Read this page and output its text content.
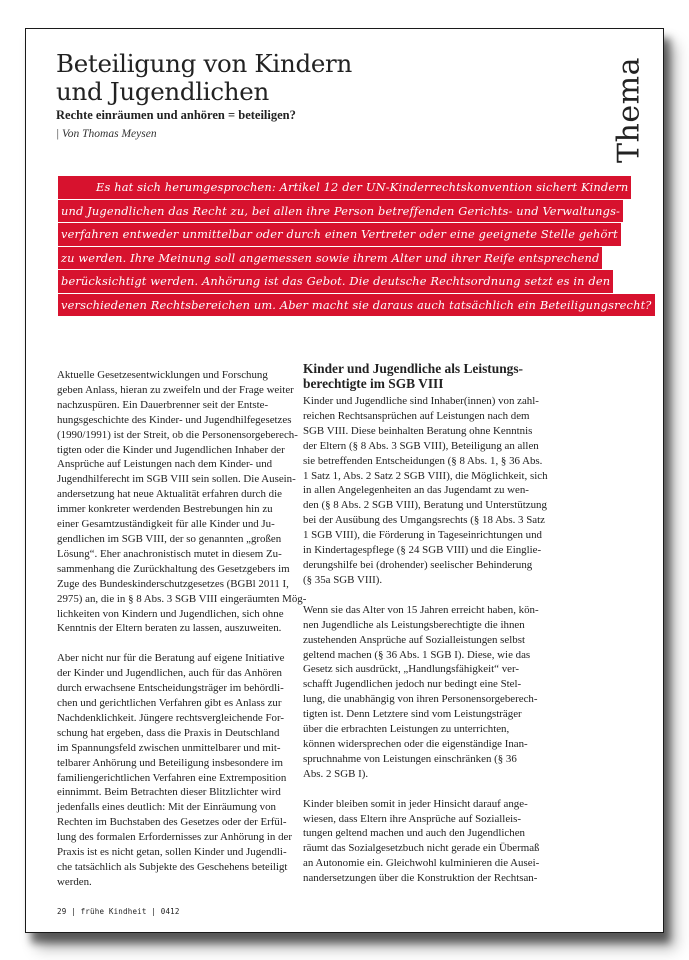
Beteiligung von Kindern
und Jugendlichen

Rechte einräumen und anhören = beteiligen?

| Von Thomas Meysen	Thema
Es hat sich herumgesprochen: Artikel 12 der UN-Kinderrechtskonvention sichert Kindern
und Jugendlichen das Recht zu, bei allen ihre Person betreffenden Gerichts- und Verwaltungs-
verfahren entweder unmittelbar oder durch einen Vertreter oder eine geeignete Stelle gehört
zu werden. Ihre Meinung soll angemessen sowie ihrem Alter und ihrer Reife entsprechend
berücksichtigt werden. Anhörung ist das Gebot. Die deutsche Rechtsordnung setzt es in den
verschiedenen Rechtsbereichen um. Aber macht sie daraus auch tatsächlich ein Beteiligungsrecht?

Aktuelle Gesetzesentwicklungen und Forschung
geben Anlass, hieran zu zweifeln und der Frage weiter
nachzuspüren. Ein Dauerbrenner seit der Entste-
hungsgeschichte des Kinder- und Jugendhilfegesetzes
(1990/1991) ist der Streit, ob die Personensorgeberech-
tigten oder die Kinder und Jugendlichen Inhaber der
Ansprüche auf Leistungen nach dem Kinder- und
Jugendhilferecht im SGB VIII sein sollen. Die Ausein-
andersetzung hat neue Aktualität erfahren durch die
immer konkreter werdenden Bestrebungen hin zu
einer Gesamtzuständigkeit für alle Kinder und Ju-
gendlichen im SGB VIII, der so genannten „großen
Lösung“. Eher anachronistisch mutet in diesem Zu-
sammenhang die Zurückhaltung des Gesetzgebers im
Zuge des Bundeskinderschutzgesetzes (BGBl 2011 I,
2975) an, die in § 8 Abs. 3 SGB VIII eingeräumten Mög-
lichkeiten von Kindern und Jugendlichen, sich ohne
Kenntnis der Eltern beraten zu lassen, auszuweiten.

Aber nicht nur für die Beratung auf eigene Initiative
der Kinder und Jugendlichen, auch für das Anhören
durch erwachsene Entscheidungsträger im behördli-
chen und gerichtlichen Verfahren gibt es Anlass zur
Nachdenklichkeit. Jüngere rechtsvergleichende For-
schung hat ergeben, dass die Praxis in Deutschland
im Spannungsfeld zwischen unmittelbarer und mit-
telbarer Anhörung und Beteiligung insbesondere im
familiengerichtlichen Verfahren eine Extremposition
einnimmt. Beim Betrachten dieser Blitzlichter wird
jedenfalls eines deutlich: Mit der Einräumung von
Rechten im Buchstaben des Gesetzes oder der Erfül-
lung des formalen Erfordernisses zur Anhörung in der
Praxis ist es nicht getan, sollen Kinder und Jugendli-
che tatsächlich als Subjekte des Geschehens beteiligt
werden.

Kinder und Jugendliche als Leistungs-
berechtigte im SGB VIII

Kinder und Jugendliche sind Inhaber(innen) von zahl-
reichen Rechtsansprüchen auf Leistungen nach dem
SGB VIII. Diese beinhalten Beratung ohne Kenntnis
der Eltern (§ 8 Abs. 3 SGB VIII), Beteiligung an allen
sie betreffenden Entscheidungen (§ 8 Abs. 1, § 36 Abs.
1 Satz 1, Abs. 2 Satz 2 SGB VIII), die Möglichkeit, sich
in allen Angelegenheiten an das Jugendamt zu wen-
den (§ 8 Abs. 2 SGB VIII), Beratung und Unterstützung
bei der Ausübung des Umgangsrechts (§ 18 Abs. 3 Satz
1 SGB VIII), die Förderung in Tageseinrichtungen und
in Kindertagespflege (§ 24 SGB VIII) und die Einglie-
derungshilfe bei (drohender) seelischer Behinderung
(§ 35a SGB VIII).

Wenn sie das Alter von 15 Jahren erreicht haben, kön-
nen Jugendliche als Leistungsberechtigte die ihnen
zustehenden Ansprüche auf Sozialleistungen selbst
geltend machen (§ 36 Abs. 1 SGB I). Diese, wie das
Gesetz sich ausdrückt, „Handlungsfähigkeit“ ver-
schafft Jugendlichen jedoch nur bedingt eine Stel-
lung, die unabhängig von ihren Personensorgeberech-
tigten ist. Denn Letztere sind vom Leistungsträger
über die erbrachten Leistungen zu unterrichten,
können widersprechen oder die eigenständige Inan-
spruchnahme von Leistungen einschränken (§ 36
Abs. 2 SGB I).

Kinder bleiben somit in jeder Hinsicht darauf ange-
wiesen, dass Eltern ihre Ansprüche auf Sozialleis-
tungen geltend machen und auch den Jugendlichen
räumt das Sozialgesetzbuch nicht gerade ein Übermaß
an Autonomie ein. Gleichwohl kulminieren die Ausei-
nandersetzungen über die Konstruktion der Rechtsan-

29 | frühe Kindheit | 0412
